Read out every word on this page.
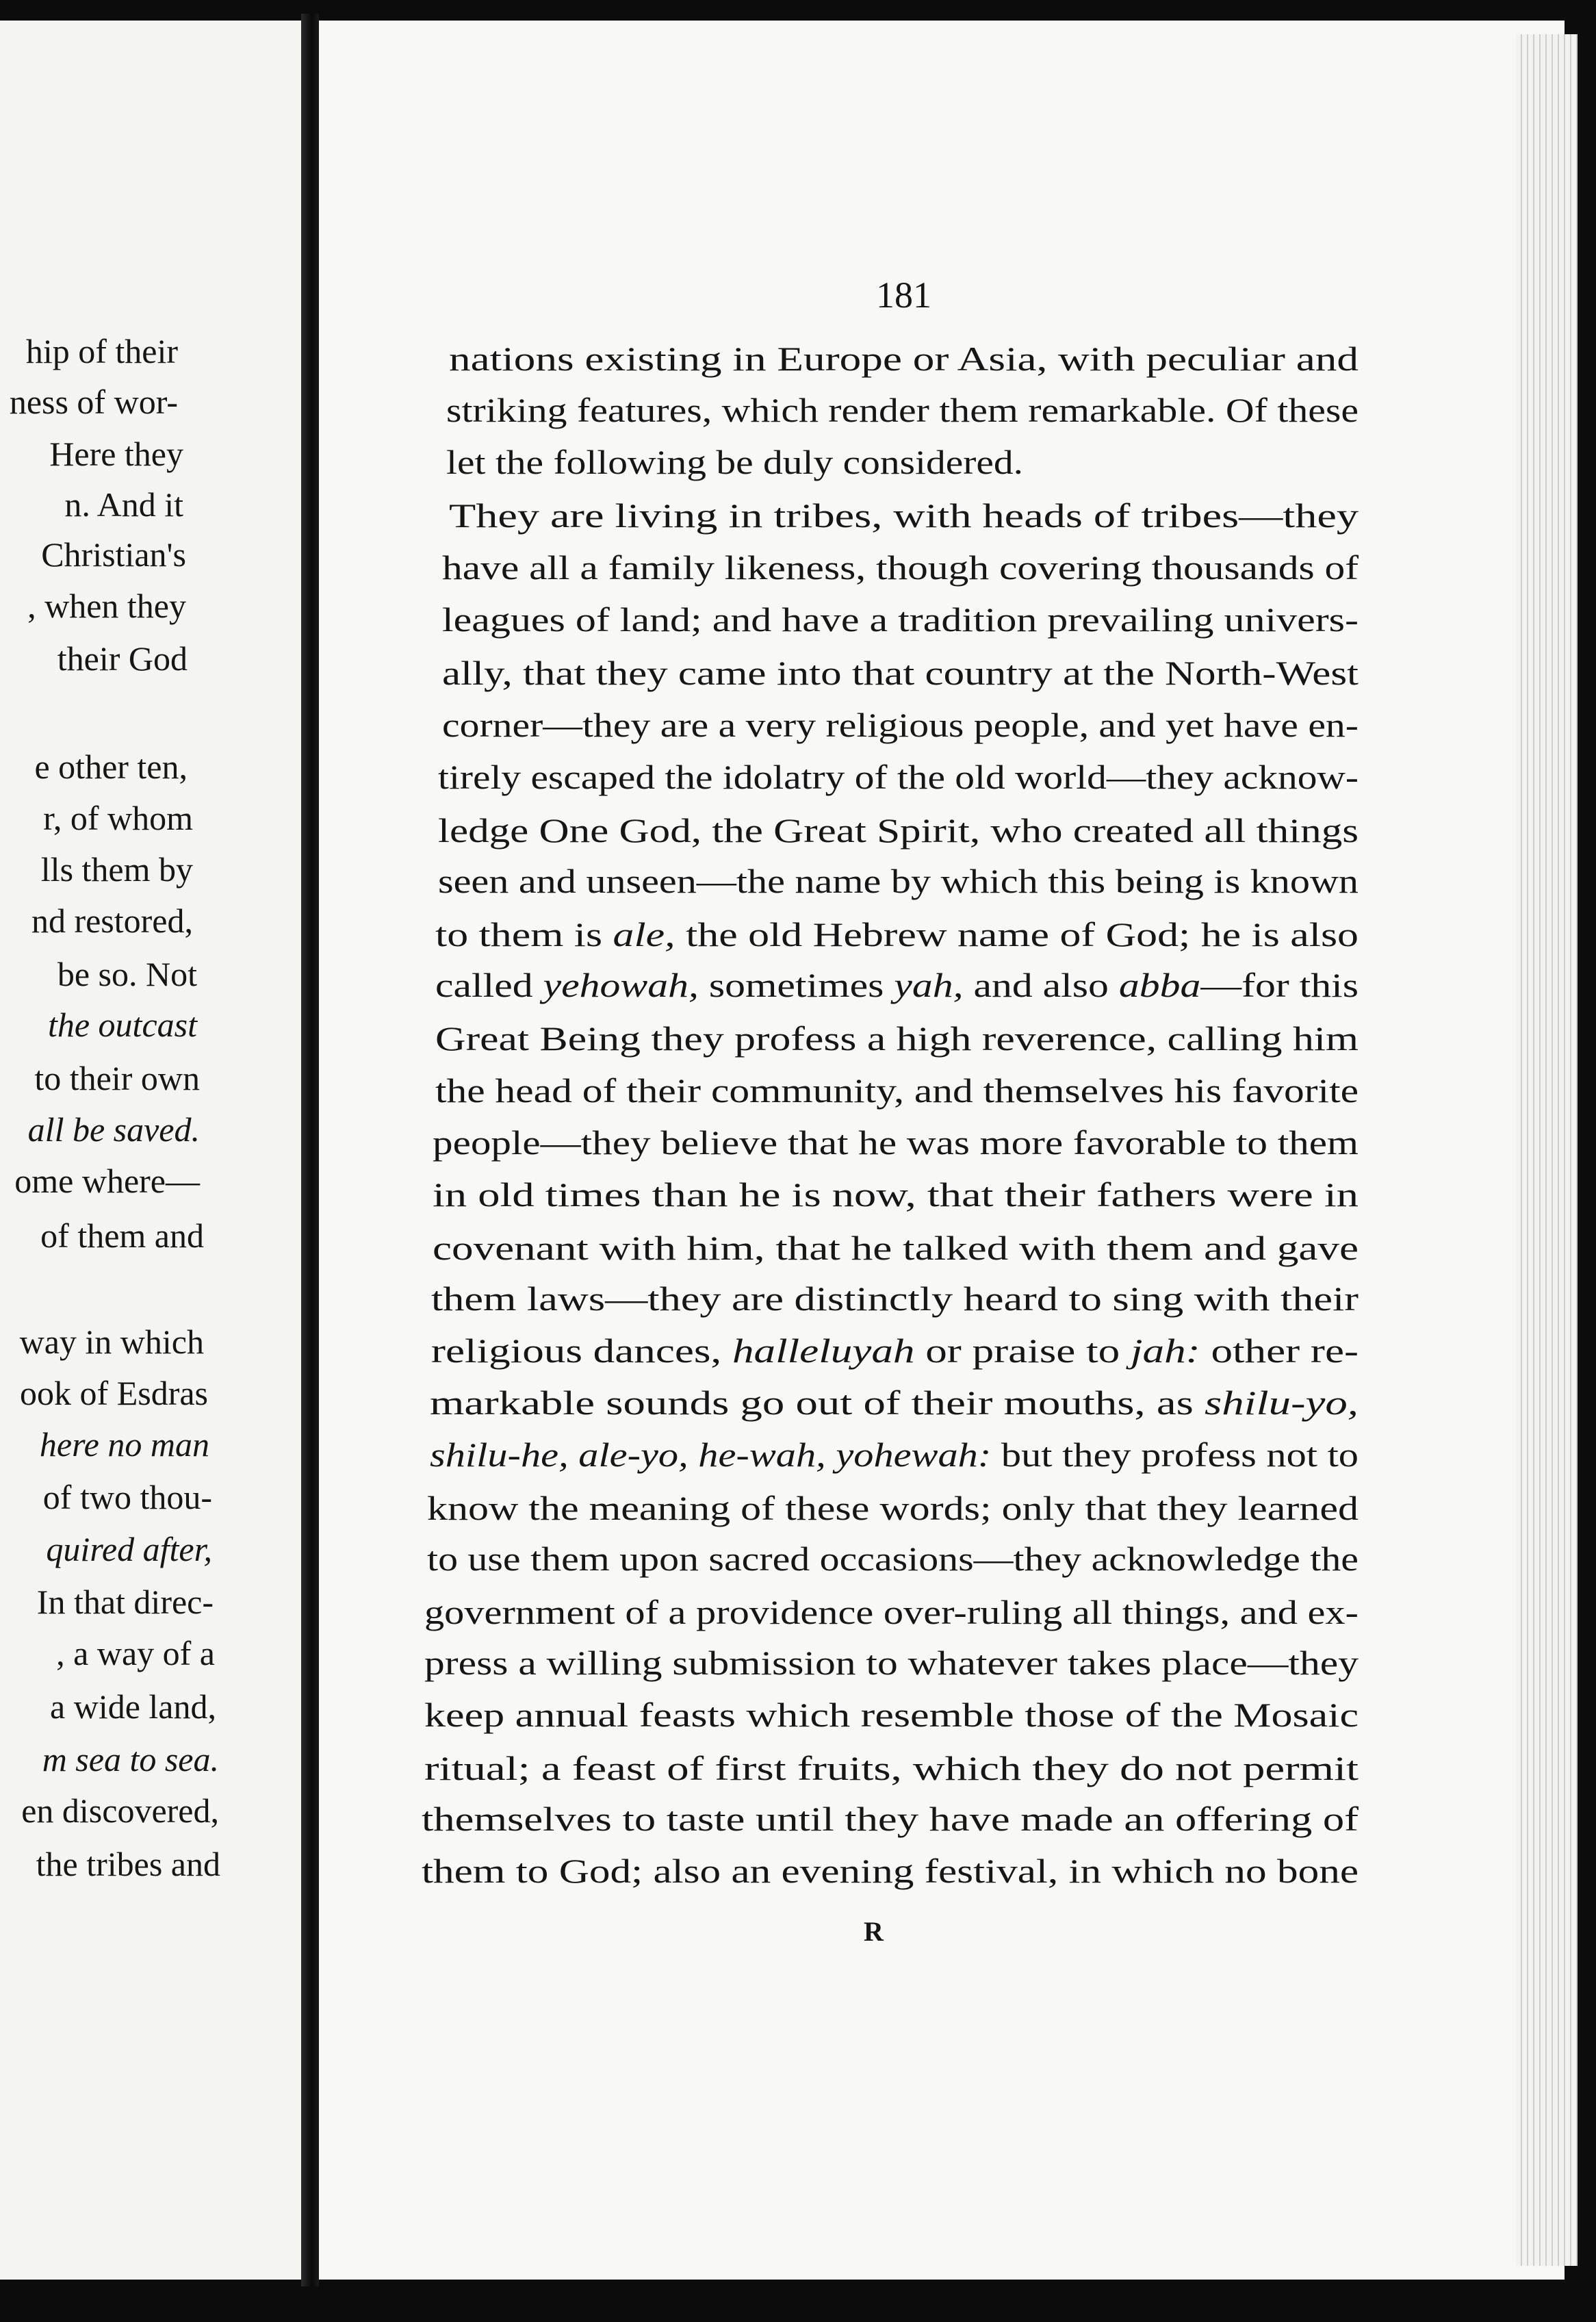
hip of their
ness of wor-
Here they
n. And it
Christian's
, when they
their God
e other ten,
r, of whom
lls them by
nd restored,
be so. Not
the outcast
to their own
all be saved.
ome where—
of them and
way in which
ook of Esdras
here no man
of two thou-
quired after,
In that direc-
, a way of a
a wide land,
m sea to sea.
en discovered,
the tribes and
181
nations existing in Europe or Asia, with peculiar and
striking features, which render them remarkable. Of these
let the following be duly considered.
They are living in tribes, with heads of tribes—they
have all a family likeness, though covering thousands of
leagues of land; and have a tradition prevailing univers-
ally, that they came into that country at the North-West
corner—they are a very religious people, and yet have en-
tirely escaped the idolatry of the old world—they acknow-
ledge One God, the Great Spirit, who created all things
seen and unseen—the name by which this being is known
to them is ale, the old Hebrew name of God; he is also
called yehowah, sometimes yah, and also abba—for this
Great Being they profess a high reverence, calling him
the head of their community, and themselves his favorite
people—they believe that he was more favorable to them
in old times than he is now, that their fathers were in
covenant with him, that he talked with them and gave
them laws—they are distinctly heard to sing with their
religious dances, halleluyah or praise to jah: other re-
markable sounds go out of their mouths, as shilu-yo,
shilu-he, ale-yo, he-wah, yohewah: but they profess not to
know the meaning of these words; only that they learned
to use them upon sacred occasions—they acknowledge the
government of a providence over-ruling all things, and ex-
press a willing submission to whatever takes place—they
keep annual feasts which resemble those of the Mosaic
ritual; a feast of first fruits, which they do not permit
themselves to taste until they have made an offering of
them to God; also an evening festival, in which no bone
R
